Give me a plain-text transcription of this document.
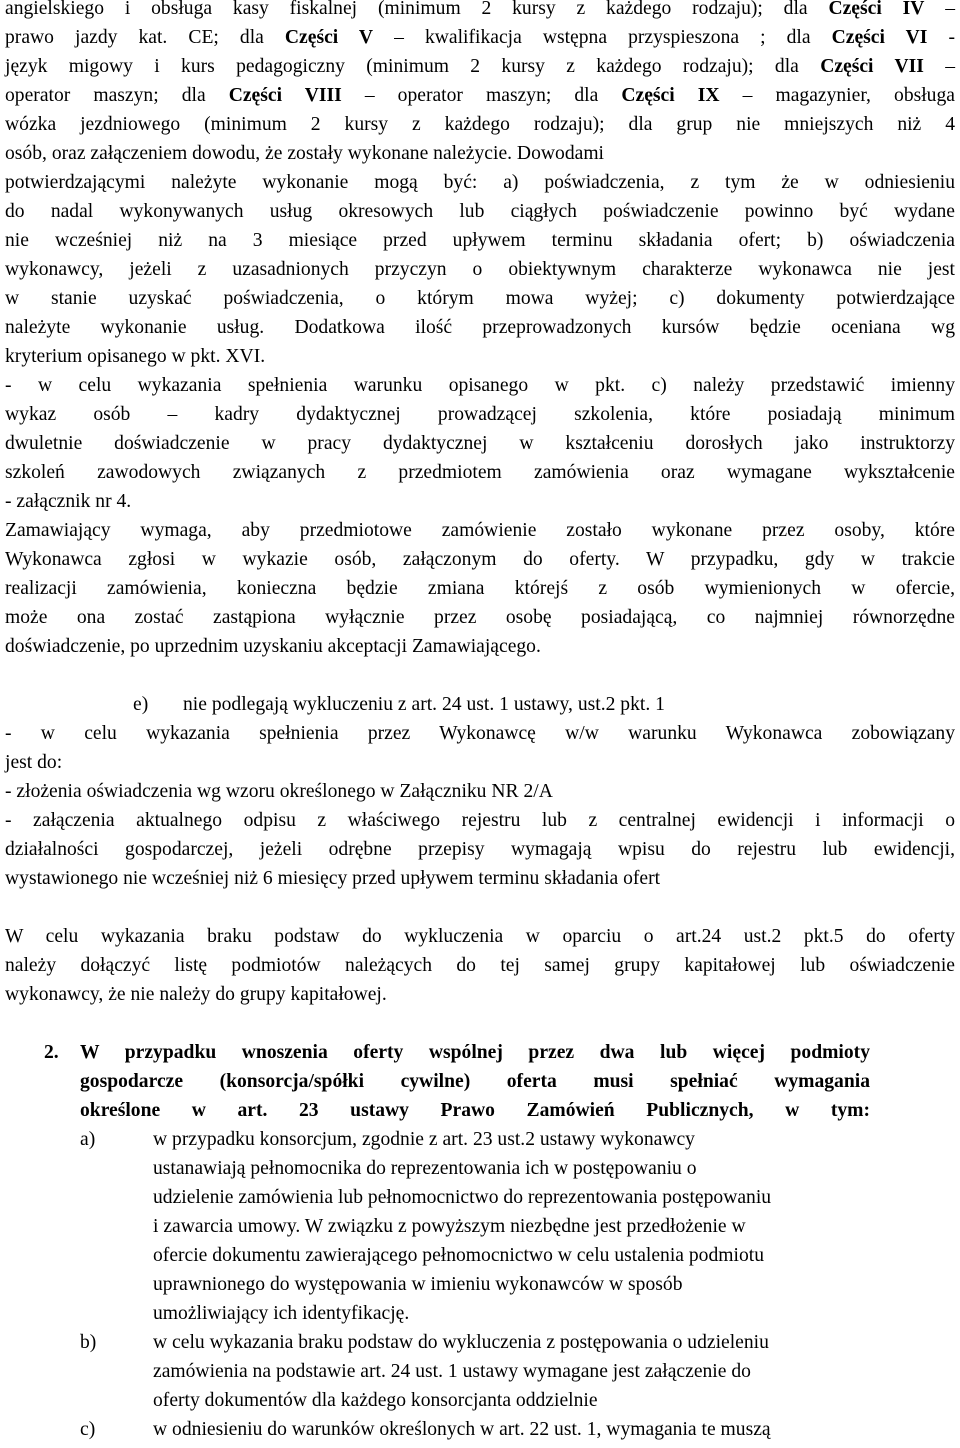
angielskiego i obsługa kasy fiskalnej (minimum 2 kursy z każdego rodzaju); dla Części IV –
prawo jazdy kat. CE; dla Części V – kwalifikacja wstępna przyspieszona ; dla Części VI -
język migowy i kurs pedagogiczny (minimum 2 kursy z każdego rodzaju); dla Części VII –
operator maszyn; dla Części VIII – operator maszyn; dla Części IX – magazynier, obsługa
wózka jezdniowego (minimum 2 kursy z każdego rodzaju); dla grup nie mniejszych niż 4
osób, oraz załączeniem dowodu, że zostały wykonane należycie. Dowodami
potwierdzającymi należyte wykonanie mogą być: a) poświadczenia, z tym że w odniesieniu
do nadal wykonywanych usług okresowych lub ciągłych poświadczenie powinno być wydane
nie wcześniej niż na 3 miesiące przed upływem terminu składania ofert; b) oświadczenia
wykonawcy, jeżeli z uzasadnionych przyczyn o obiektywnym charakterze wykonawca nie jest
w stanie uzyskać poświadczenia, o którym mowa wyżej; c) dokumenty potwierdzające
należyte wykonanie usług. Dodatkowa ilość przeprowadzonych kursów będzie oceniana wg
kryterium opisanego w pkt. XVI.
- w celu wykazania spełnienia warunku opisanego w pkt. c) należy przedstawić imienny
wykaz osób – kadry dydaktycznej prowadzącej szkolenia, które posiadają minimum
dwuletnie doświadczenie w pracy dydaktycznej w kształceniu dorosłych jako instruktorzy
szkoleń zawodowych związanych z przedmiotem zamówienia oraz wymagane wykształcenie
- załącznik nr 4.
Zamawiający wymaga, aby przedmiotowe zamówienie zostało wykonane przez osoby, które
Wykonawca zgłosi w wykazie osób, załączonym do oferty. W przypadku, gdy w trakcie
realizacji zamówienia, konieczna będzie zmiana którejś z osób wymienionych w ofercie,
może ona zostać zastąpiona wyłącznie przez osobę posiadającą, co najmniej równorzędne
doświadczenie, po uprzednim uzyskaniu akceptacji Zamawiającego.
e) nie podlegają wykluczeniu z art. 24 ust. 1 ustawy, ust.2 pkt. 1
- w celu wykazania spełnienia przez Wykonawcę w/w warunku Wykonawca zobowiązany
jest do:
- złożenia oświadczenia wg wzoru określonego w Załączniku NR 2/A
- załączenia aktualnego odpisu z właściwego rejestru lub z centralnej ewidencji i informacji o
działalności gospodarczej, jeżeli odrębne przepisy wymagają wpisu do rejestru lub ewidencji,
wystawionego nie wcześniej niż 6 miesięcy przed upływem terminu składania ofert
W celu wykazania braku podstaw do wykluczenia w oparciu o art.24 ust.2 pkt.5 do oferty
należy dołączyć listę podmiotów należących do tej samej grupy kapitałowej lub oświadczenie
wykonawcy, że nie należy do grupy kapitałowej.
2. W przypadku wnoszenia oferty wspólnej przez dwa lub więcej podmioty
gospodarcze (konsorcja/spółki cywilne) oferta musi spełniać wymagania
określone w art. 23 ustawy Prawo Zamówień Publicznych, w tym:
a)	w przypadku konsorcjum, zgodnie z art. 23 ust.2 ustawy wykonawcy
ustanawiają pełnomocnika do reprezentowania ich w postępowaniu o
udzielenie zamówienia lub pełnomocnictwo do reprezentowania postępowaniu
i zawarcia umowy. W związku z powyższym niezbędne jest przedłożenie w
ofercie dokumentu zawierającego pełnomocnictwo w celu ustalenia podmiotu
uprawnionego do występowania w imieniu wykonawców w sposób
umożliwiający ich identyfikację.
b)	w celu wykazania braku podstaw do wykluczenia z postępowania o udzieleniu
zamówienia na podstawie art. 24 ust. 1 ustawy wymagane jest załączenie do
oferty dokumentów dla każdego konsorcjanta oddzielnie
c)	w odniesieniu do warunków określonych w art. 22 ust. 1, wymagania te muszą
